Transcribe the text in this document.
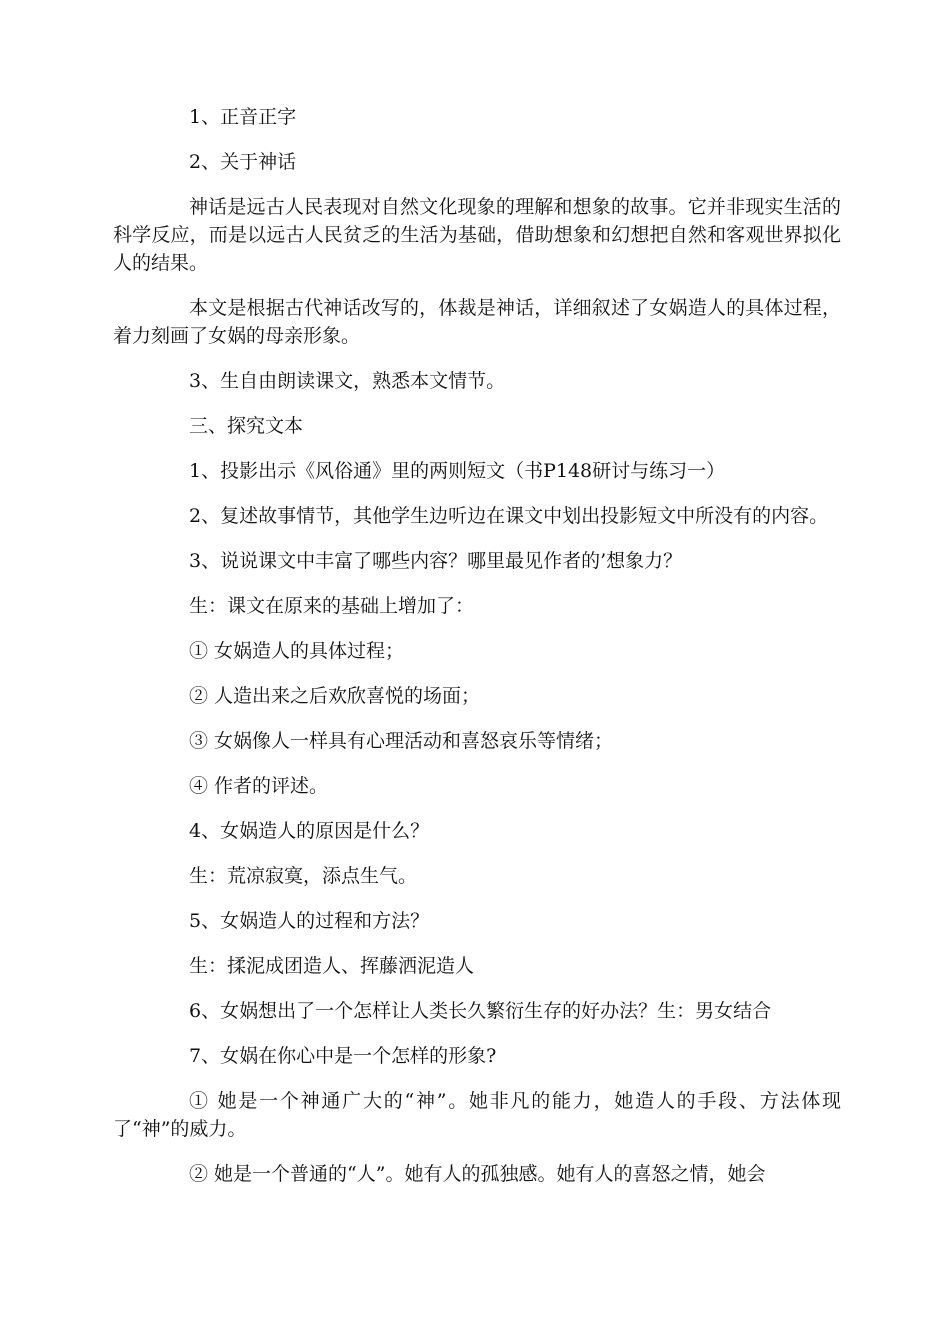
1、正音正字

2、关于神话

神话是远古人民表现对自然文化现象的理解和想象的故事。它并非现实生活的科学反应，而是以远古人民贫乏的生活为基础，借助想象和幻想把自然和客观世界拟化人的结果。

本文是根据古代神话改写的，体裁是神话，详细叙述了女娲造人的具体过程，着力刻画了女娲的母亲形象。

3、生自由朗读课文，熟悉本文情节。

三、探究文本

1、投影出示《风俗通》里的两则短文（书P148研讨与练习一）

2、复述故事情节，其他学生边听边在课文中划出投影短文中所没有的内容。

3、说说课文中丰富了哪些内容？哪里最见作者的’想象力？

生：课文在原来的基础上增加了：

① 女娲造人的具体过程；

② 人造出来之后欢欣喜悦的场面；

③ 女娲像人一样具有心理活动和喜怒哀乐等情绪；

④ 作者的评述。

4、女娲造人的原因是什么？

生：荒凉寂寞，添点生气。

5、女娲造人的过程和方法？

生：揉泥成团造人、挥藤洒泥造人

6、女娲想出了一个怎样让人类长久繁衍生存的好办法？生：男女结合

7、女娲在你心中是一个怎样的形象?

① 她是一个神通广大的“神”。她非凡的能力，她造人的手段、方法体现了“神”的威力。

② 她是一个普通的“人”。她有人的孤独感。她有人的喜怒之情，她会
